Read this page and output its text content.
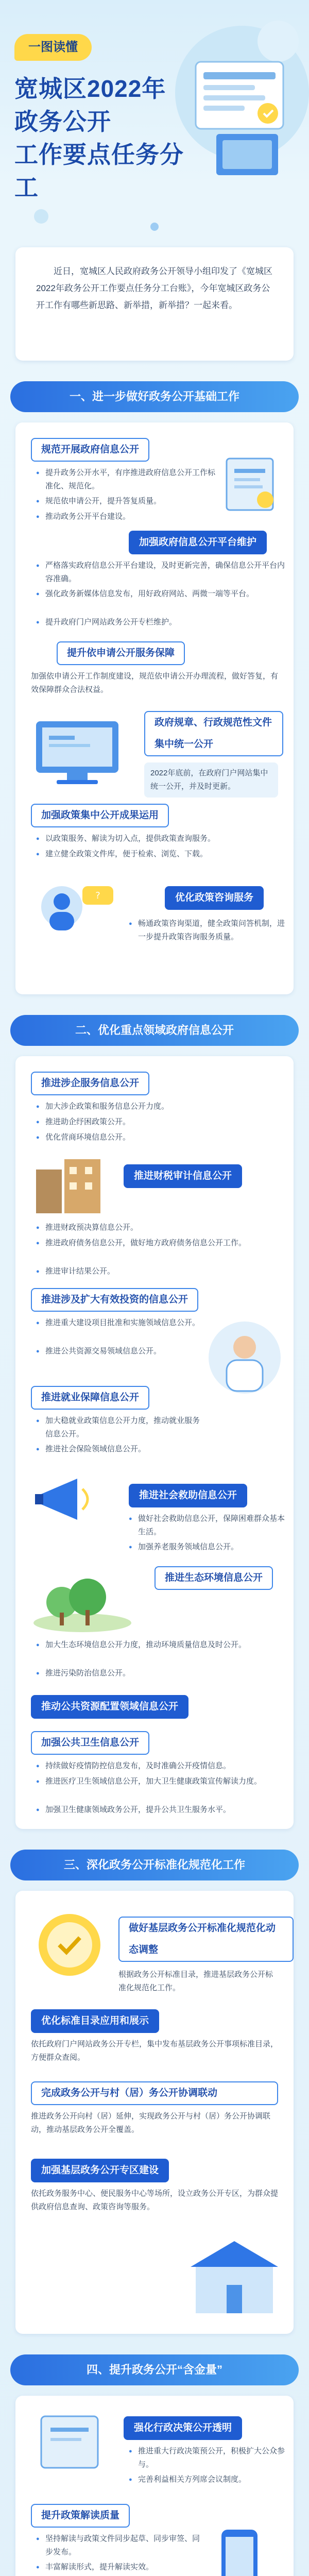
一图读懂
宽城区2022年政务公开
工作要点任务分工

近日，宽城区人民政府政务公开领导小组印发了《宽城区2022年政务公开工作要点任务分工台账》，今年宽城区政务公开工作有哪些新思路、新举措，新举措？一起来看。

一、进一步做好政务公开基础工作
规范开展政府信息公开
● 提升政务公开水平，有序推进政府信息公开工作标准化、规范化。
● 规范依申请公开，提升答复质量。
● 推动政务公开平台建设。
加强政府信息公开平台维护
● 严格落实政府信息公开平台建设，及时更新完善，确保信息公开平台内容准确。
● 强化政务新媒体信息发布，用好政府网站、两微一端等平台。
● 提升政府门户网站政务公开专栏维护。
提升依申请公开服务保障
加强依申请公开工作制度建设，规范依申请公开办理流程，做好答复，有效保障群众合法权益。
政府规章、行政规范性文件集中统一公开
2022年底前，在政府门户网站集中统一公开，并及时更新。
加强政策集中公开成果运用
● 以政策服务、解读为切入点，提供政策查询服务。
● 建立健全政策文件库，便于检索、浏览、下载。
优化政策咨询服务
?
● 畅通政策咨询渠道，健全政策问答机制，进一步提升政策咨询服务质量。
二、优化重点领域政府信息公开
推进涉企服务信息公开
● 加大涉企政策和服务信息公开力度。
● 推进助企纾困政策公开。
● 优化营商环境信息公开。
推进财税审计信息公开
● 推进财政预决算信息公开。
● 推进政府债务信息公开，做好地方政府债务信息公开工作。
● 推进审计结果公开。
推进涉及扩大有效投资的信息公开
● 推进重大建设项目批准和实施领域信息公开。
● 推进公共资源交易领域信息公开。
推进就业保障信息公开
● 加大稳就业政策信息公开力度，推动就业服务信息公开。
● 推进社会保险领域信息公开。
推进社会救助信息公开
● 做好社会救助信息公开，保障困难群众基本生活。
● 加强养老服务领域信息公开。
推进生态环境信息公开
● 加大生态环境信息公开力度，推动环境质量信息及时公开。
● 推进污染防治信息公开。
推动公共资源配置领域信息公开
加强公共卫生信息公开
● 持续做好疫情防控信息发布，及时准确公开疫情信息。
● 推进医疗卫生领域信息公开，加大卫生健康政策宣传解读力度。
● 加强卫生健康领域政务公开，提升公共卫生服务水平。
三、深化政务公开标准化规范化工作
做好基层政务公开标准化规范化动态调整
根据政务公开标准目录，推进基层政务公开标准化规范化工作。
优化标准目录应用和展示
依托政府门户网站政务公开专栏，集中发布基层政务公开事项标准目录，方便群众查阅。
完成政务公开与村（居）务公开协调联动
推进政务公开向村（居）延伸，实现政务公开与村（居）务公开协调联动，推动基层政务公开全覆盖。
加强基层政务公开专区建设
依托政务服务中心、便民服务中心等场所，设立政务公开专区，为群众提供政府信息查询、政策咨询等服务。
四、提升政务公开“含金量”
强化行政决策公开透明
● 推进重大行政决策预公开，积极扩大公众参与。
● 完善利益相关方列席会议制度。
提升政策解读质量
● 坚持解读与政策文件同步起草、同步审签、同步发布。
● 丰富解读形式，提升解读实效。
